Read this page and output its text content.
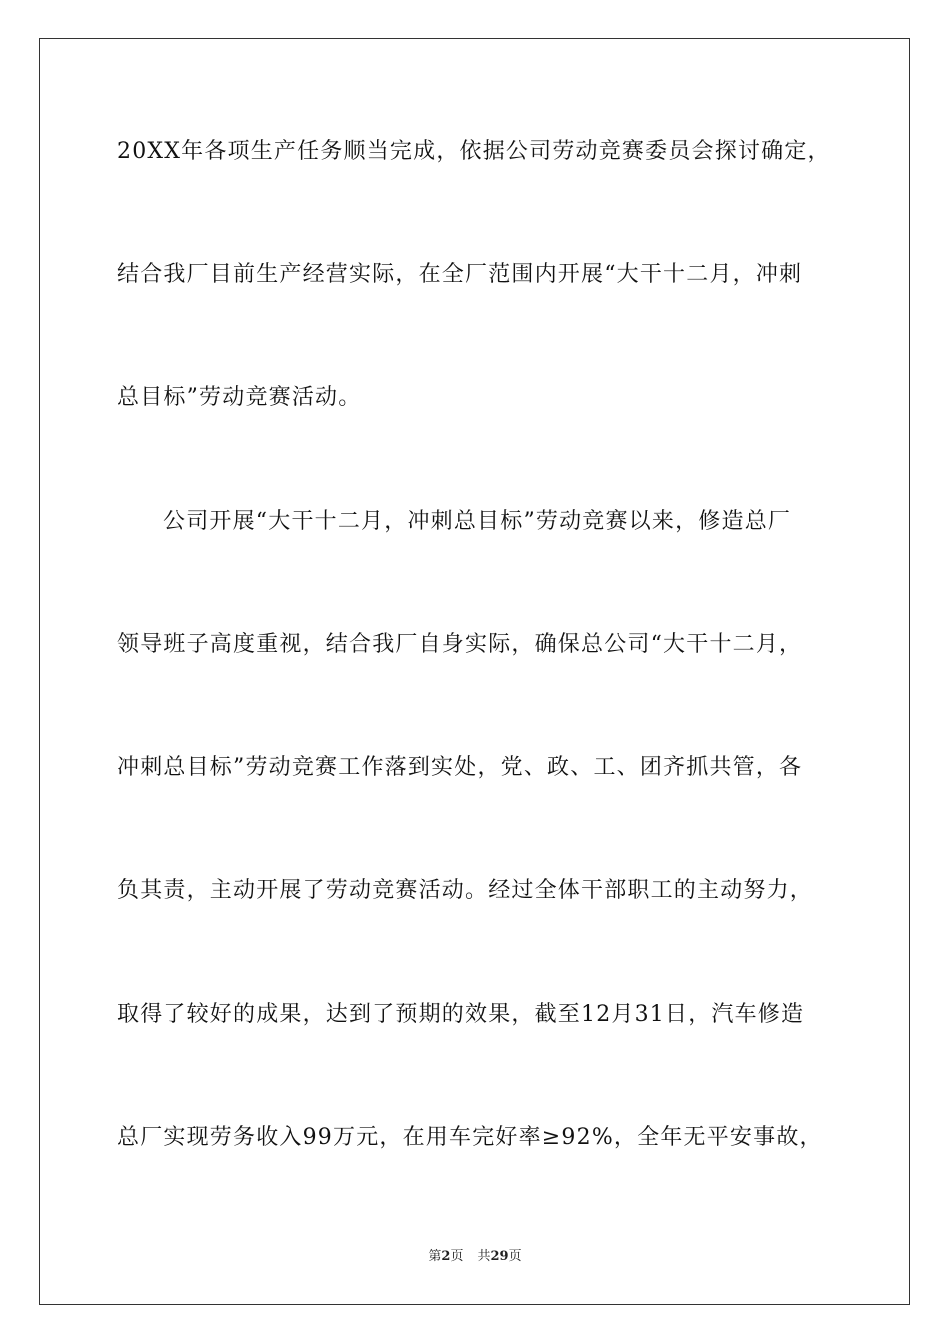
20XX年各项生产任务顺当完成，依据公司劳动竞赛委员会探讨确定，
结合我厂目前生产经营实际，在全厂范围内开展“大干十二月，冲刺
总目标”劳动竞赛活动。
公司开展“大干十二月，冲刺总目标”劳动竞赛以来，修造总厂
领导班子高度重视，结合我厂自身实际，确保总公司“大干十二月，
冲刺总目标”劳动竞赛工作落到实处，党、政、工、团齐抓共管，各
负其责，主动开展了劳动竞赛活动。经过全体干部职工的主动努力，
取得了较好的成果，达到了预期的效果，截至12月31日，汽车修造
总厂实现劳务收入99万元，在用车完好率≥92%，全年无平安事故，
第2页 共29页
